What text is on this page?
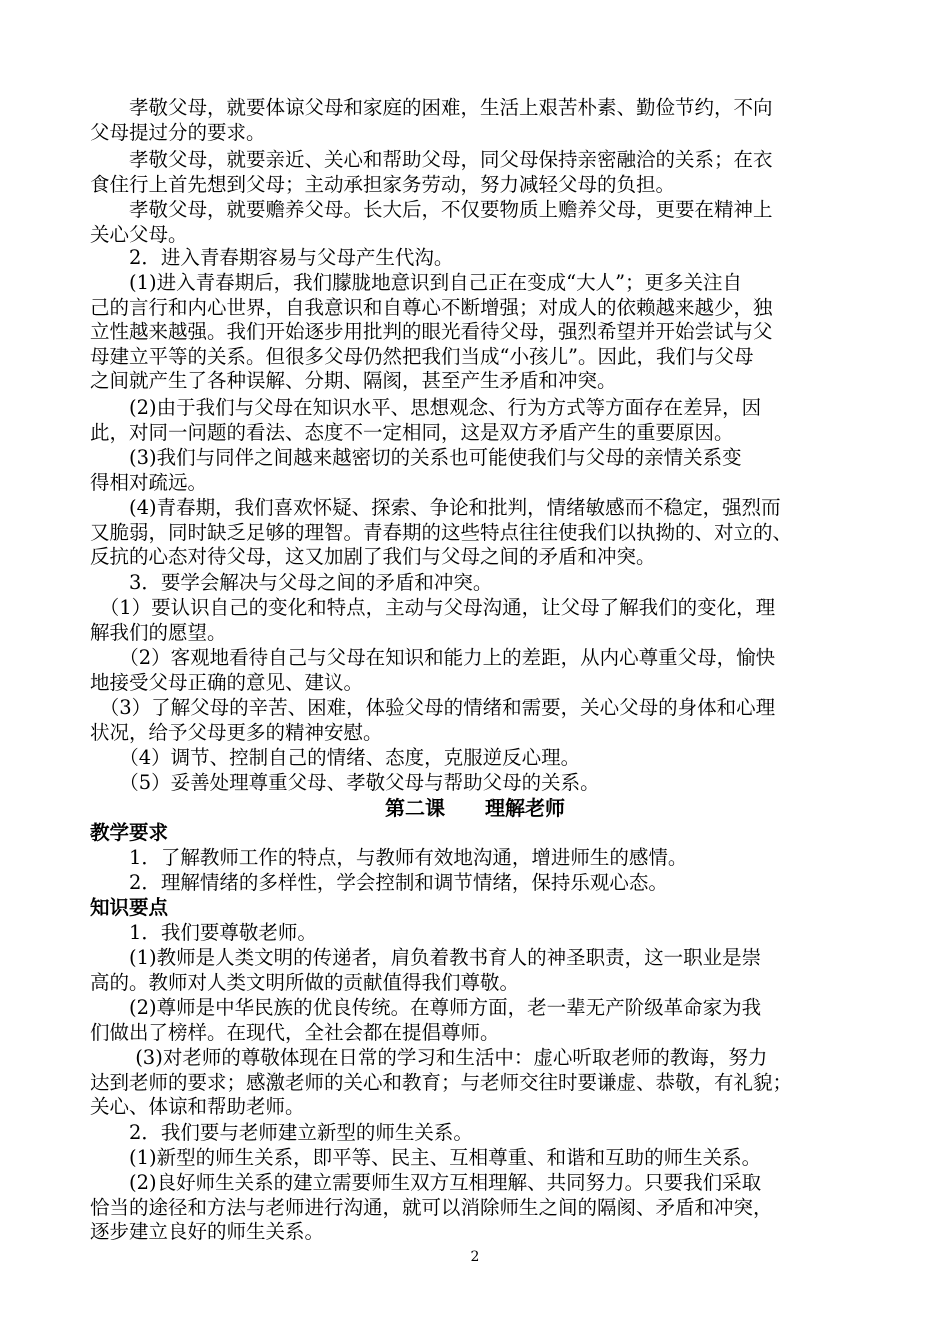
　　孝敬父母，就要体谅父母和家庭的困难，生活上艰苦朴素、勤俭节约，不向
父母提过分的要求。
　　孝敬父母，就要亲近、关心和帮助父母，同父母保持亲密融洽的关系；在衣
食住行上首先想到父母；主动承担家务劳动，努力减轻父母的负担。
　　孝敬父母，就要赡养父母。长大后，不仅要物质上赡养父母，更要在精神上
关心父母。
　　2．进入青春期容易与父母产生代沟。
　　(1)进入青春期后，我们朦胧地意识到自己正在变成“大人”；更多关注自
己的言行和内心世界，自我意识和自尊心不断增强；对成人的依赖越来越少，独
立性越来越强。我们开始逐步用批判的眼光看待父母，强烈希望并开始尝试与父
母建立平等的关系。但很多父母仍然把我们当成“小孩儿”。因此，我们与父母
之间就产生了各种误解、分期、隔阂，甚至产生矛盾和冲突。
　　(2)由于我们与父母在知识水平、思想观念、行为方式等方面存在差异，因
此，对同一问题的看法、态度不一定相同，这是双方矛盾产生的重要原因。
　　(3)我们与同伴之间越来越密切的关系也可能使我们与父母的亲情关系变
得相对疏远。
　　(4)青春期，我们喜欢怀疑、探索、争论和批判，情绪敏感而不稳定，强烈而
又脆弱，同时缺乏足够的理智。青春期的这些特点往往使我们以执拗的、对立的、
反抗的心态对待父母，这又加剧了我们与父母之间的矛盾和冲突。
　　3．要学会解决与父母之间的矛盾和冲突。
　（1）要认识自己的变化和特点，主动与父母沟通，让父母了解我们的变化，理
解我们的愿望。
　　（2）客观地看待自己与父母在知识和能力上的差距，从内心尊重父母，愉快
地接受父母正确的意见、建议。
　（3）了解父母的辛苦、困难，体验父母的情绪和需要，关心父母的身体和心理
状况，给予父母更多的精神安慰。
　　（4）调节、控制自己的情绪、态度，克服逆反心理。
　　（5）妥善处理尊重父母、孝敬父母与帮助父母的关系。
第二课　　理解老师
教学要求
　　1．了解教师工作的特点，与教师有效地沟通，增进师生的感情。
　　2．理解情绪的多样性，学会控制和调节情绪，保持乐观心态。
知识要点
　　1．我们要尊敬老师。
　　(1)教师是人类文明的传递者，肩负着教书育人的神圣职责，这一职业是崇
高的。教师对人类文明所做的贡献值得我们尊敬。
　　(2)尊师是中华民族的优良传统。在尊师方面，老一辈无产阶级革命家为我
们做出了榜样。在现代，全社会都在提倡尊师。
　　 (3)对老师的尊敬体现在日常的学习和生活中：虚心听取老师的教诲，努力
达到老师的要求；感激老师的关心和教育；与老师交往时要谦虚、恭敬，有礼貌；
关心、体谅和帮助老师。
　　2．我们要与老师建立新型的师生关系。
　　(1)新型的师生关系，即平等、民主、互相尊重、和谐和互助的师生关系。
　　(2)良好师生关系的建立需要师生双方互相理解、共同努力。只要我们采取
恰当的途径和方法与老师进行沟通，就可以消除师生之间的隔阂、矛盾和冲突，
逐步建立良好的师生关系。
2
